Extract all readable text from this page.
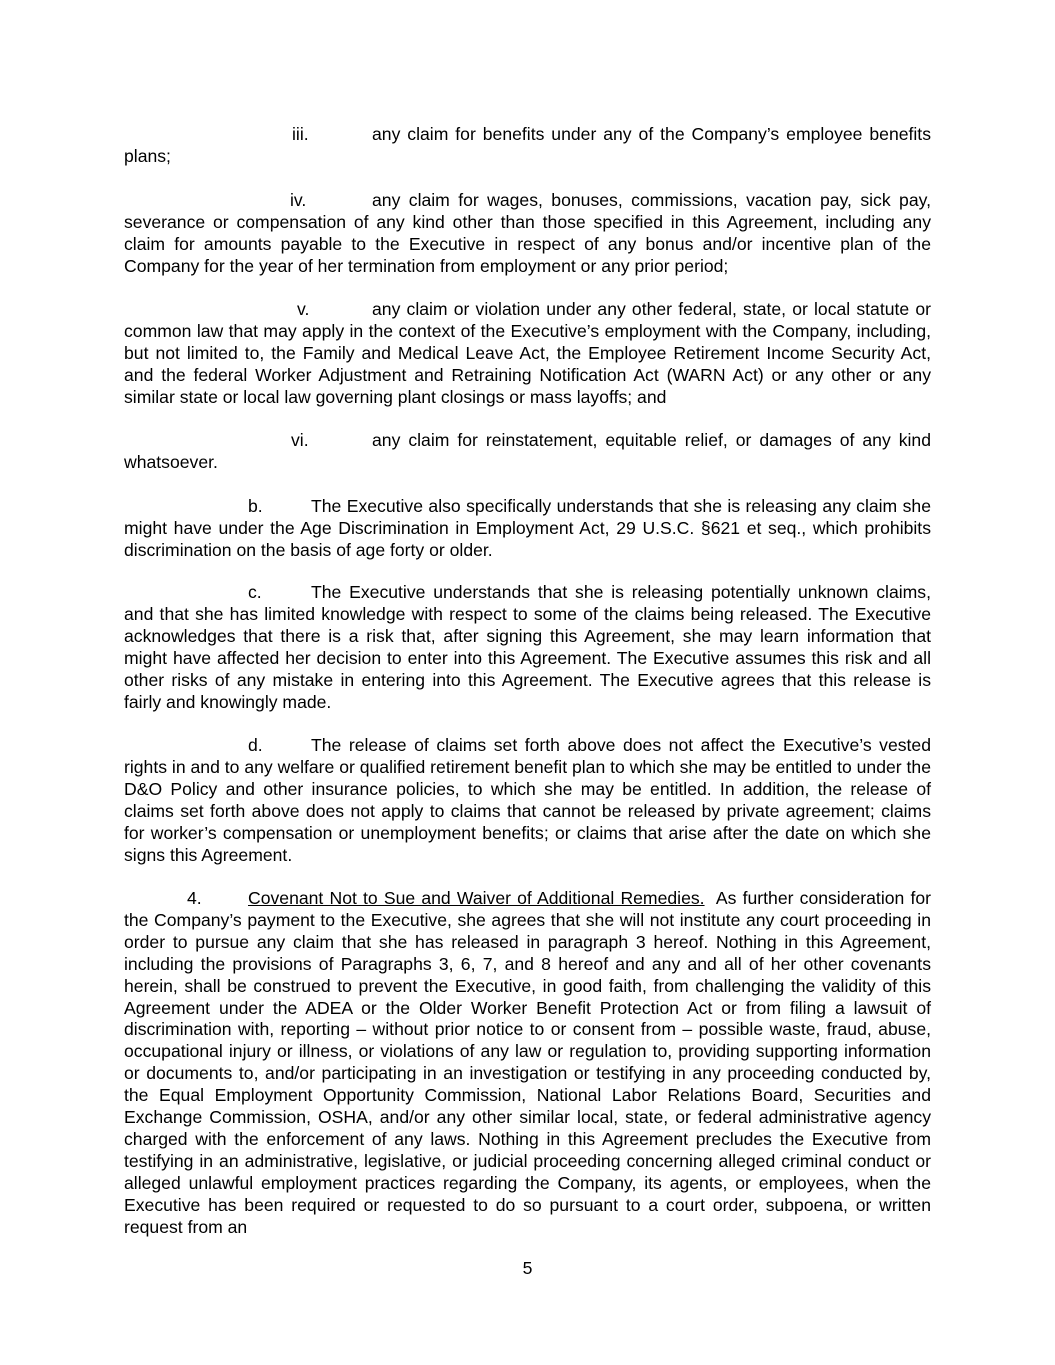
iii.	any claim for benefits under any of the Company’s employee benefits plans;

iv.	any claim for wages, bonuses, commissions, vacation pay, sick pay, severance or compensation of any kind other than those specified in this Agreement, including any claim for amounts payable to the Executive in respect of any bonus and/or incentive plan of the Company for the year of her termination from employment or any prior period;

v.	any claim or violation under any other federal, state, or local statute or common law that may apply in the context of the Executive’s employment with the Company, including, but not limited to, the Family and Medical Leave Act, the Employee Retirement Income Security Act, and the federal Worker Adjustment and Retraining Notification Act (WARN Act) or any other or any similar state or local law governing plant closings or mass layoffs; and

vi.	any claim for reinstatement, equitable relief, or damages of any kind whatsoever.

b.	The Executive also specifically understands that she is releasing any claim she might have under the Age Discrimination in Employment Act, 29 U.S.C. §621 et seq., which prohibits discrimination on the basis of age forty or older.

c.	The Executive understands that she is releasing potentially unknown claims, and that she has limited knowledge with respect to some of the claims being released. The Executive acknowledges that there is a risk that, after signing this Agreement, she may learn information that might have affected her decision to enter into this Agreement. The Executive assumes this risk and all other risks of any mistake in entering into this Agreement. The Executive agrees that this release is fairly and knowingly made.

d.	The release of claims set forth above does not affect the Executive’s vested rights in and to any welfare or qualified retirement benefit plan to which she may be entitled to under the D&O Policy and other insurance policies, to which she may be entitled. In addition, the release of claims set forth above does not apply to claims that cannot be released by private agreement; claims for worker’s compensation or unemployment benefits; or claims that arise after the date on which she signs this Agreement.

4.	Covenant Not to Sue and Waiver of Additional Remedies. As further consideration for the Company’s payment to the Executive, she agrees that she will not institute any court proceeding in order to pursue any claim that she has released in paragraph 3 hereof. Nothing in this Agreement, including the provisions of Paragraphs 3, 6, 7, and 8 hereof and any and all of her other covenants herein, shall be construed to prevent the Executive, in good faith, from challenging the validity of this Agreement under the ADEA or the Older Worker Benefit Protection Act or from filing a lawsuit of discrimination with, reporting – without prior notice to or consent from – possible waste, fraud, abuse, occupational injury or illness, or violations of any law or regulation to, providing supporting information or documents to, and/or participating in an investigation or testifying in any proceeding conducted by, the Equal Employment Opportunity Commission, National Labor Relations Board, Securities and Exchange Commission, OSHA, and/or any other similar local, state, or federal administrative agency charged with the enforcement of any laws. Nothing in this Agreement precludes the Executive from testifying in an administrative, legislative, or judicial proceeding concerning alleged criminal conduct or alleged unlawful employment practices regarding the Company, its agents, or employees, when the Executive has been required or requested to do so pursuant to a court order, subpoena, or written request from an

5
